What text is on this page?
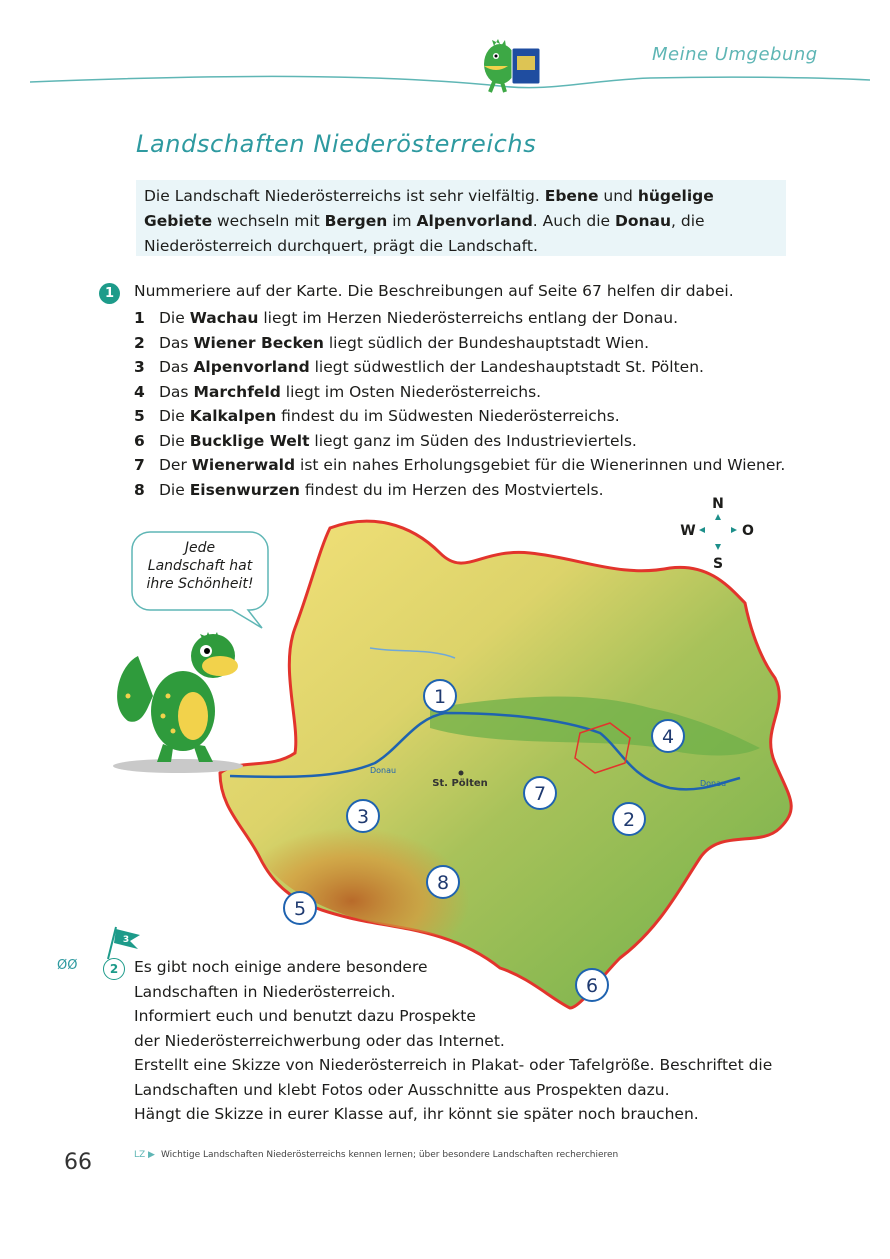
Meine Umgebung
Landschaften Niederösterreichs
Die Landschaft Niederösterreichs ist sehr vielfältig. Ebene und hügelige Gebiete wechseln mit Bergen im Alpenvorland. Auch die Donau, die Niederösterreich durchquert, prägt die Landschaft.
1	Nummeriere auf der Karte. Die Beschreibungen auf Seite 67 helfen dir dabei.
1 Die Wachau liegt im Herzen Niederösterreichs entlang der Donau.
2 Das Wiener Becken liegt südlich der Bundeshauptstadt Wien.
3 Das Alpenvorland liegt südwestlich der Landeshauptstadt St. Pölten.
4 Das Marchfeld liegt im Osten Niederösterreichs.
5 Die Kalkalpen findest du im Südwesten Niederösterreichs.
6 Die Bucklige Welt liegt ganz im Süden des Industrieviertels.
7 Der Wienerwald ist ein nahes Erholungsgebiet für die Wienerinnen und Wiener.
8 Die Eisenwurzen findest du im Herzen des Mostviertels.
N
W	O
S
St. Pölten
Donau
Donau
1
2
3
4
5
6
7
8
Jede
Landschaft hat
ihre Schönheit!
ØØ
3
2	Es gibt noch einige andere besondere

Landschaften in Niederösterreich.

Informiert euch und benutzt dazu Prospekte

der Niederösterreichwerbung oder das Internet.

Erstellt eine Skizze von Niederösterreich in Plakat- oder Tafelgröße. Beschriftet die

Landschaften und klebt Fotos oder Ausschnitte aus Prospekten dazu.

Hängt die Skizze in eurer Klasse auf, ihr könnt sie später noch brauchen.

66	LZ ▶ Wichtige Landschaften Niederösterreichs kennen lernen; über besondere Landschaften recherchieren
